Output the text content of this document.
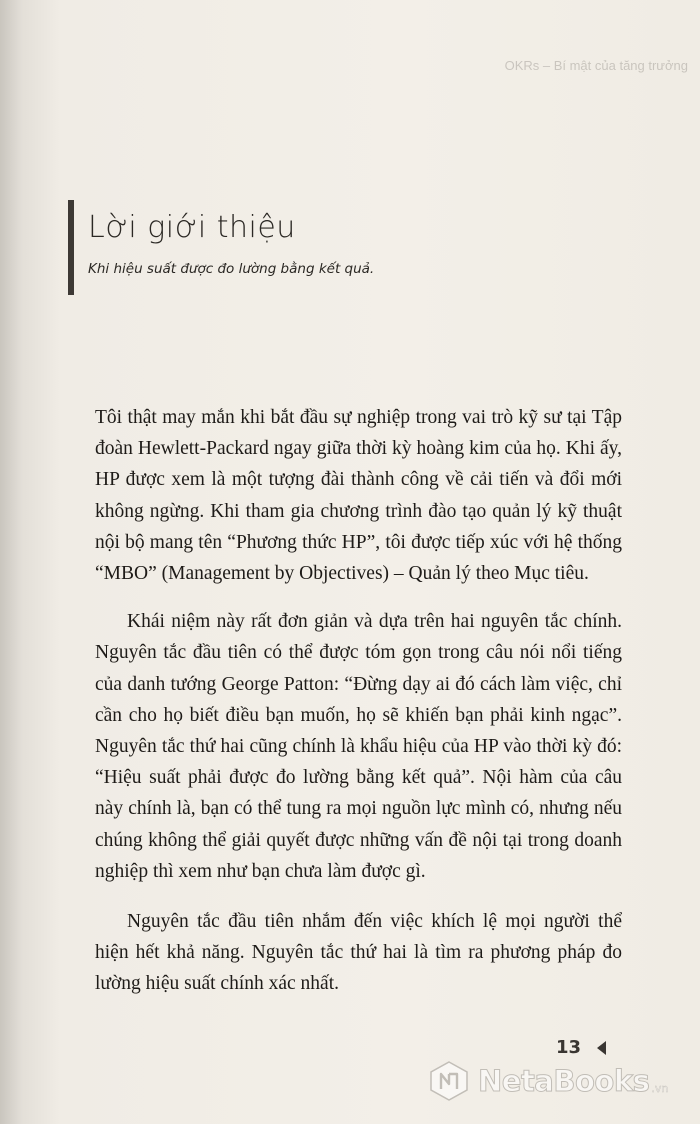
OKRs – Bí mật của tăng trưởng
Lời giới thiệu
Khi hiệu suất được đo lường bằng kết quả.

Tôi thật may mắn khi bắt đầu sự nghiệp trong vai trò kỹ sư tại Tập đoàn Hewlett-Packard ngay giữa thời kỳ hoàng kim của họ. Khi ấy, HP được xem là một tượng đài thành công về cải tiến và đổi mới không ngừng. Khi tham gia chương trình đào tạo quản lý kỹ thuật nội bộ mang tên “Phương thức HP”, tôi được tiếp xúc với hệ thống “MBO” (Management by Objectives) – Quản lý theo Mục tiêu.

Khái niệm này rất đơn giản và dựa trên hai nguyên tắc chính. Nguyên tắc đầu tiên có thể được tóm gọn trong câu nói nổi tiếng của danh tướng George Patton: “Đừng dạy ai đó cách làm việc, chỉ cần cho họ biết điều bạn muốn, họ sẽ khiến bạn phải kinh ngạc”. Nguyên tắc thứ hai cũng chính là khẩu hiệu của HP vào thời kỳ đó: “Hiệu suất phải được đo lường bằng kết quả”. Nội hàm của câu này chính là, bạn có thể tung ra mọi nguồn lực mình có, nhưng nếu chúng không thể giải quyết được những vấn đề nội tại trong doanh nghiệp thì xem như bạn chưa làm được gì.

Nguyên tắc đầu tiên nhắm đến việc khích lệ mọi người thể hiện hết khả năng. Nguyên tắc thứ hai là tìm ra phương pháp đo lường hiệu suất chính xác nhất.

13
NetaBooks .vn
